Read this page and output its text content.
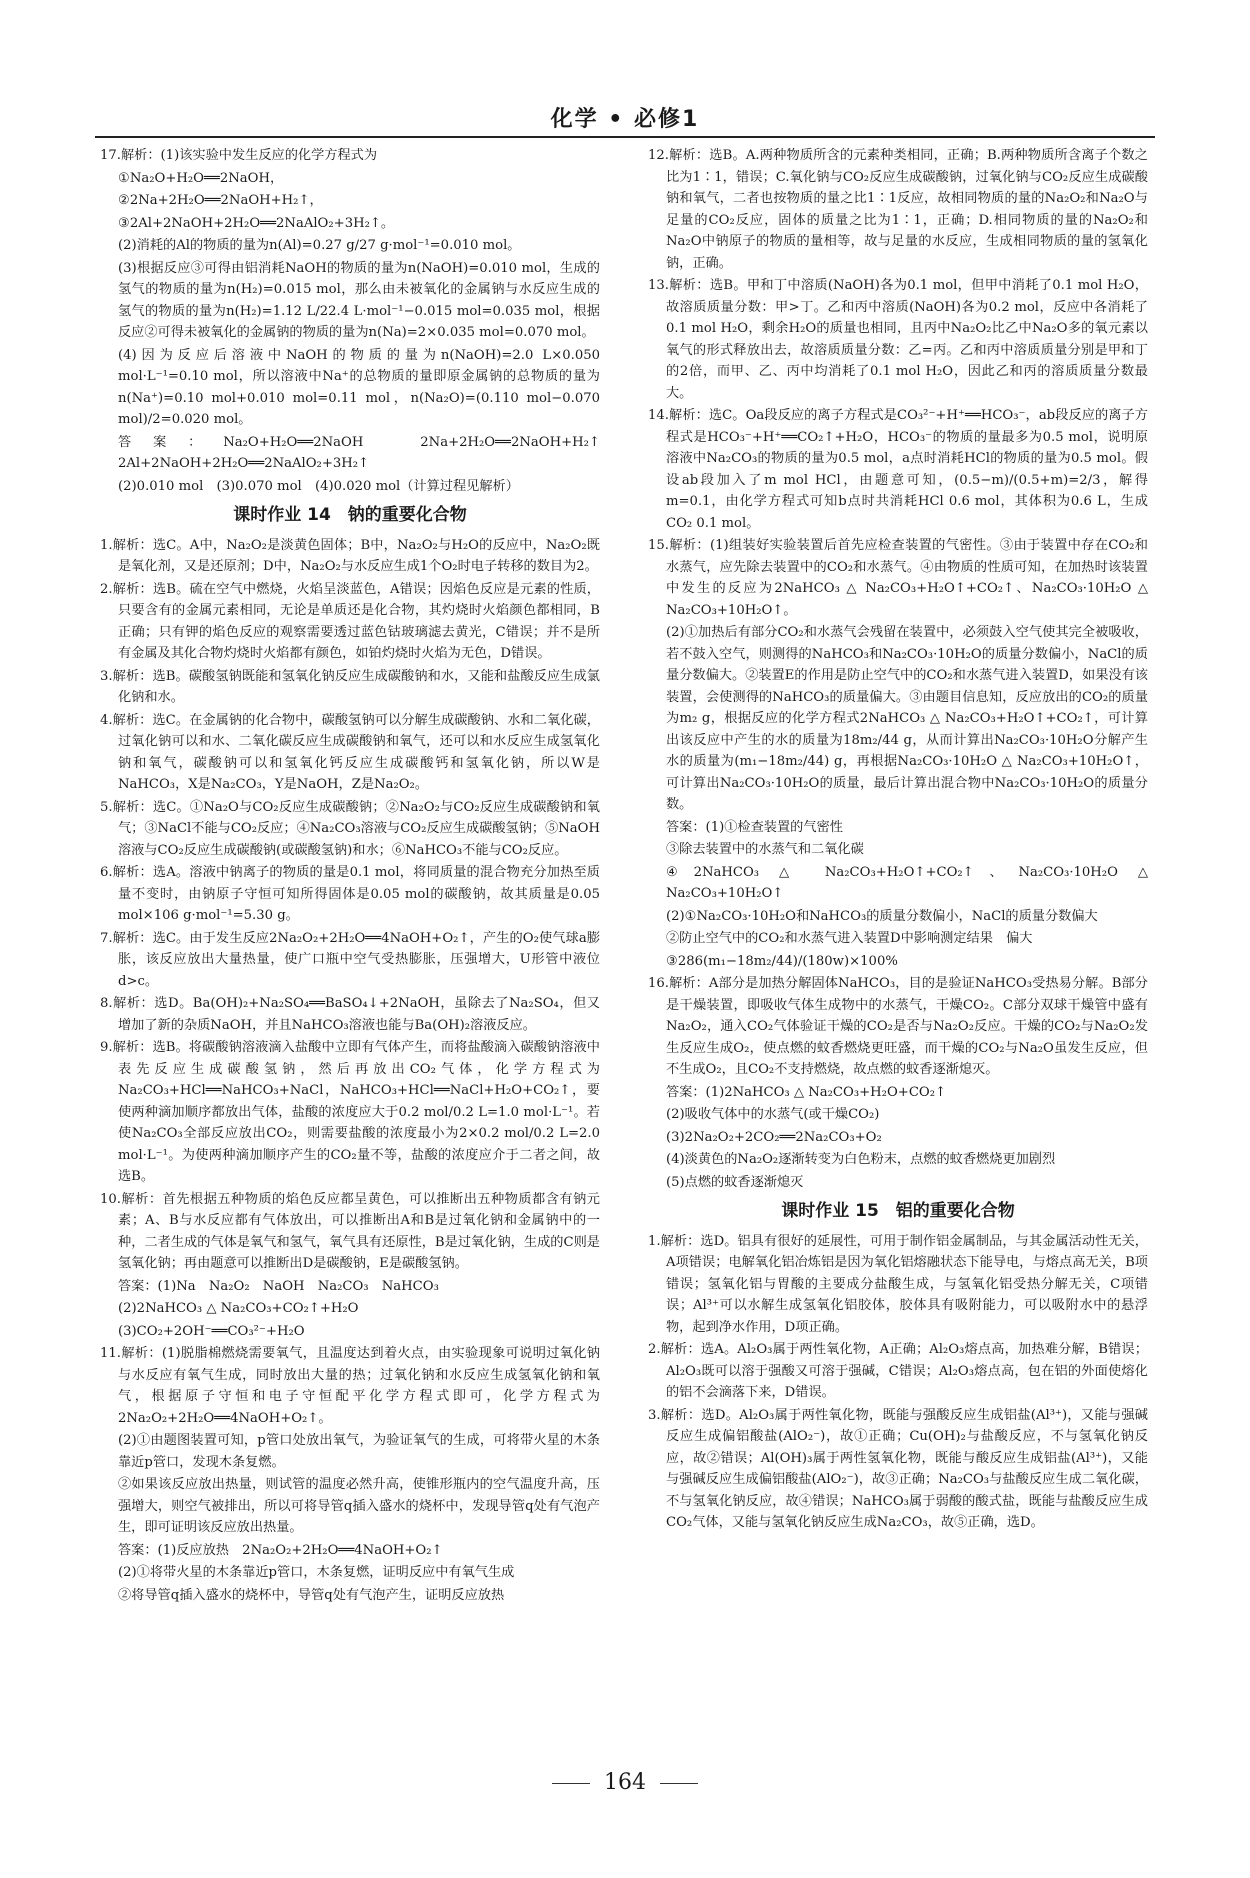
化学 • 必修1

17.解析：(1)该实验中发生反应的化学方程式为

①Na₂O+H₂O══2NaOH，

②2Na+2H₂O══2NaOH+H₂↑，

③2Al+2NaOH+2H₂O══2NaAlO₂+3H₂↑。

(2)消耗的Al的物质的量为n(Al)=0.27 g/27 g·mol⁻¹=0.010 mol。

(3)根据反应③可得由铝消耗NaOH的物质的量为n(NaOH)=0.010 mol，生成的氢气的物质的量为n(H₂)=0.015 mol，那么由未被氧化的金属钠与水反应生成的氢气的物质的量为n(H₂)=1.12 L/22.4 L·mol⁻¹−0.015 mol=0.035 mol，根据反应②可得未被氧化的金属钠的物质的量为n(Na)=2×0.035 mol=0.070 mol。

(4)因为反应后溶液中NaOH的物质的量为n(NaOH)=2.0 L×0.050 mol·L⁻¹=0.10 mol，所以溶液中Na⁺的总物质的量即原金属钠的总物质的量为n(Na⁺)=0.10 mol+0.010 mol=0.11 mol，n(Na₂O)=(0.110 mol−0.070 mol)/2=0.020 mol。

答案：Na₂O+H₂O══2NaOH　2Na+2H₂O══2NaOH+H₂↑　2Al+2NaOH+2H₂O══2NaAlO₂+3H₂↑

(2)0.010 mol　(3)0.070 mol　(4)0.020 mol（计算过程见解析）

课时作业 14　钠的重要化合物

1.解析：选C。A中，Na₂O₂是淡黄色固体；B中，Na₂O₂与H₂O的反应中，Na₂O₂既是氧化剂，又是还原剂；D中，Na₂O₂与水反应生成1个O₂时电子转移的数目为2。

2.解析：选B。硫在空气中燃烧，火焰呈淡蓝色，A错误；因焰色反应是元素的性质，只要含有的金属元素相同，无论是单质还是化合物，其灼烧时火焰颜色都相同，B正确；只有钾的焰色反应的观察需要透过蓝色钴玻璃滤去黄光，C错误；并不是所有金属及其化合物灼烧时火焰都有颜色，如铂灼烧时火焰为无色，D错误。

3.解析：选B。碳酸氢钠既能和氢氧化钠反应生成碳酸钠和水，又能和盐酸反应生成氯化钠和水。

4.解析：选C。在金属钠的化合物中，碳酸氢钠可以分解生成碳酸钠、水和二氧化碳，过氧化钠可以和水、二氧化碳反应生成碳酸钠和氧气，还可以和水反应生成氢氧化钠和氧气，碳酸钠可以和氢氧化钙反应生成碳酸钙和氢氧化钠，所以W是NaHCO₃，X是Na₂CO₃，Y是NaOH，Z是Na₂O₂。

5.解析：选C。①Na₂O与CO₂反应生成碳酸钠；②Na₂O₂与CO₂反应生成碳酸钠和氧气；③NaCl不能与CO₂反应；④Na₂CO₃溶液与CO₂反应生成碳酸氢钠；⑤NaOH溶液与CO₂反应生成碳酸钠(或碳酸氢钠)和水；⑥NaHCO₃不能与CO₂反应。

6.解析：选A。溶液中钠离子的物质的量是0.1 mol，将同质量的混合物充分加热至质量不变时，由钠原子守恒可知所得固体是0.05 mol的碳酸钠，故其质量是0.05 mol×106 g·mol⁻¹=5.30 g。

7.解析：选C。由于发生反应2Na₂O₂+2H₂O══4NaOH+O₂↑，产生的O₂使气球a膨胀，该反应放出大量热量，使广口瓶中空气受热膨胀，压强增大，U形管中液位d>c。

8.解析：选D。Ba(OH)₂+Na₂SO₄══BaSO₄↓+2NaOH，虽除去了Na₂SO₄，但又增加了新的杂质NaOH，并且NaHCO₃溶液也能与Ba(OH)₂溶液反应。

9.解析：选B。将碳酸钠溶液滴入盐酸中立即有气体产生，而将盐酸滴入碳酸钠溶液中表先反应生成碳酸氢钠，然后再放出CO₂气体，化学方程式为Na₂CO₃+HCl══NaHCO₃+NaCl，NaHCO₃+HCl══NaCl+H₂O+CO₂↑，要使两种滴加顺序都放出气体，盐酸的浓度应大于0.2 mol/0.2 L=1.0 mol·L⁻¹。若使Na₂CO₃全部反应放出CO₂，则需要盐酸的浓度最小为2×0.2 mol/0.2 L=2.0 mol·L⁻¹。为使两种滴加顺序产生的CO₂量不等，盐酸的浓度应介于二者之间，故选B。

10.解析：首先根据五种物质的焰色反应都呈黄色，可以推断出五种物质都含有钠元素；A、B与水反应都有气体放出，可以推断出A和B是过氧化钠和金属钠中的一种，二者生成的气体是氧气和氢气，氧气具有还原性，B是过氧化钠，生成的C则是氢氧化钠；再由题意可以推断出D是碳酸钠，E是碳酸氢钠。

答案：(1)Na　Na₂O₂　NaOH　Na₂CO₃　NaHCO₃

(2)2NaHCO₃ △ Na₂CO₃+CO₂↑+H₂O

(3)CO₂+2OH⁻══CO₃²⁻+H₂O

11.解析：(1)脱脂棉燃烧需要氧气，且温度达到着火点，由实验现象可说明过氧化钠与水反应有氧气生成，同时放出大量的热；过氧化钠和水反应生成氢氧化钠和氧气，根据原子守恒和电子守恒配平化学方程式即可，化学方程式为2Na₂O₂+2H₂O══4NaOH+O₂↑。

(2)①由题图装置可知，p管口处放出氧气，为验证氧气的生成，可将带火星的木条靠近p管口，发现木条复燃。

②如果该反应放出热量，则试管的温度必然升高，使锥形瓶内的空气温度升高，压强增大，则空气被排出，所以可将导管q插入盛水的烧杯中，发现导管q处有气泡产生，即可证明该反应放出热量。

答案：(1)反应放热　2Na₂O₂+2H₂O══4NaOH+O₂↑

(2)①将带火星的木条靠近p管口，木条复燃，证明反应中有氧气生成

②将导管q插入盛水的烧杯中，导管q处有气泡产生，证明反应放热

12.解析：选B。A.两种物质所含的元素种类相同，正确；B.两种物质所含离子个数之比为1∶1，错误；C.氧化钠与CO₂反应生成碳酸钠，过氧化钠与CO₂反应生成碳酸钠和氧气，二者也按物质的量之比1∶1反应，故相同物质的量的Na₂O₂和Na₂O与足量的CO₂反应，固体的质量之比为1∶1，正确；D.相同物质的量的Na₂O₂和Na₂O中钠原子的物质的量相等，故与足量的水反应，生成相同物质的量的氢氧化钠，正确。

13.解析：选B。甲和丁中溶质(NaOH)各为0.1 mol，但甲中消耗了0.1 mol H₂O，故溶质质量分数：甲>丁。乙和丙中溶质(NaOH)各为0.2 mol，反应中各消耗了0.1 mol H₂O，剩余H₂O的质量也相同，且丙中Na₂O₂比乙中Na₂O多的氧元素以氧气的形式释放出去，故溶质质量分数：乙=丙。乙和丙中溶质质量分别是甲和丁的2倍，而甲、乙、丙中均消耗了0.1 mol H₂O，因此乙和丙的溶质质量分数最大。

14.解析：选C。Oa段反应的离子方程式是CO₃²⁻+H⁺══HCO₃⁻，ab段反应的离子方程式是HCO₃⁻+H⁺══CO₂↑+H₂O，HCO₃⁻的物质的量最多为0.5 mol，说明原溶液中Na₂CO₃的物质的量为0.5 mol，a点时消耗HCl的物质的量为0.5 mol。假设ab段加入了m mol HCl，由题意可知，(0.5−m)/(0.5+m)=2/3，解得m=0.1，由化学方程式可知b点时共消耗HCl 0.6 mol，其体积为0.6 L，生成CO₂ 0.1 mol。

15.解析：(1)组装好实验装置后首先应检查装置的气密性。③由于装置中存在CO₂和水蒸气，应先除去装置中的CO₂和水蒸气。④由物质的性质可知，在加热时该装置中发生的反应为2NaHCO₃ △ Na₂CO₃+H₂O↑+CO₂↑、Na₂CO₃·10H₂O △ Na₂CO₃+10H₂O↑。

(2)①加热后有部分CO₂和水蒸气会残留在装置中，必须鼓入空气使其完全被吸收，若不鼓入空气，则测得的NaHCO₃和Na₂CO₃·10H₂O的质量分数偏小，NaCl的质量分数偏大。②装置E的作用是防止空气中的CO₂和水蒸气进入装置D，如果没有该装置，会使测得的NaHCO₃的质量偏大。③由题目信息知，反应放出的CO₂的质量为m₂ g，根据反应的化学方程式2NaHCO₃ △ Na₂CO₃+H₂O↑+CO₂↑，可计算出该反应中产生的水的质量为18m₂/44 g，从而计算出Na₂CO₃·10H₂O分解产生水的质量为(m₁−18m₂/44) g，再根据Na₂CO₃·10H₂O △ Na₂CO₃+10H₂O↑，可计算出Na₂CO₃·10H₂O的质量，最后计算出混合物中Na₂CO₃·10H₂O的质量分数。

答案：(1)①检查装置的气密性

③除去装置中的水蒸气和二氧化碳

④2NaHCO₃ △ Na₂CO₃+H₂O↑+CO₂↑、Na₂CO₃·10H₂O △ Na₂CO₃+10H₂O↑

(2)①Na₂CO₃·10H₂O和NaHCO₃的质量分数偏小，NaCl的质量分数偏大

②防止空气中的CO₂和水蒸气进入装置D中影响测定结果　偏大

③286(m₁−18m₂/44)/(180w)×100%

16.解析：A部分是加热分解固体NaHCO₃，目的是验证NaHCO₃受热易分解。B部分是干燥装置，即吸收气体生成物中的水蒸气，干燥CO₂。C部分双球干燥管中盛有Na₂O₂，通入CO₂气体验证干燥的CO₂是否与Na₂O₂反应。干燥的CO₂与Na₂O₂发生反应生成O₂，使点燃的蚊香燃烧更旺盛，而干燥的CO₂与Na₂O虽发生反应，但不生成O₂，且CO₂不支持燃烧，故点燃的蚊香逐渐熄灭。

答案：(1)2NaHCO₃ △ Na₂CO₃+H₂O+CO₂↑

(2)吸收气体中的水蒸气(或干燥CO₂)

(3)2Na₂O₂+2CO₂══2Na₂CO₃+O₂

(4)淡黄色的Na₂O₂逐渐转变为白色粉末，点燃的蚊香燃烧更加剧烈

(5)点燃的蚊香逐渐熄灭

课时作业 15　铝的重要化合物

1.解析：选D。铝具有很好的延展性，可用于制作铝金属制品，与其金属活动性无关，A项错误；电解氧化铝冶炼铝是因为氧化铝熔融状态下能导电，与熔点高无关，B项错误；氢氧化铝与胃酸的主要成分盐酸生成，与氢氧化铝受热分解无关，C项错误；Al³⁺可以水解生成氢氧化铝胶体，胶体具有吸附能力，可以吸附水中的悬浮物，起到净水作用，D项正确。

2.解析：选A。Al₂O₃属于两性氧化物，A正确；Al₂O₃熔点高，加热难分解，B错误；Al₂O₃既可以溶于强酸又可溶于强碱，C错误；Al₂O₃熔点高，包在铝的外面使熔化的铝不会滴落下来，D错误。

3.解析：选D。Al₂O₃属于两性氧化物，既能与强酸反应生成铝盐(Al³⁺)，又能与强碱反应生成偏铝酸盐(AlO₂⁻)，故①正确；Cu(OH)₂与盐酸反应，不与氢氧化钠反应，故②错误；Al(OH)₃属于两性氢氧化物，既能与酸反应生成铝盐(Al³⁺)，又能与强碱反应生成偏铝酸盐(AlO₂⁻)，故③正确；Na₂CO₃与盐酸反应生成二氧化碳，不与氢氧化钠反应，故④错误；NaHCO₃属于弱酸的酸式盐，既能与盐酸反应生成CO₂气体，又能与氢氧化钠反应生成Na₂CO₃，故⑤正确，选D。

164
